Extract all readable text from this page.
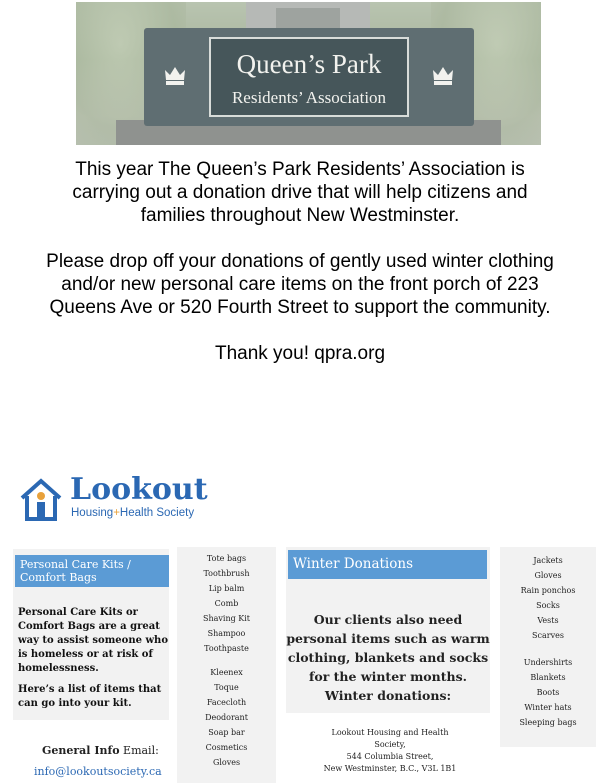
Queen’s Park
Residents’ Association

This year The Queen’s Park Residents’ Association is carrying out a donation drive that will help citizens and families throughout New Westminster.

Please drop off your donations of gently used winter clothing and/or new personal care items on the front porch of 223 Queens Ave or 520 Fourth Street to support the community.

Thank you! qpra.org

Lookout
Housing+Health Society
Personal Care Kits / Comfort Bags

Personal Care Kits or Comfort Bags are a great way to assist someone who is homeless or at risk of homelessness.

Here’s a list of items that can go into your kit.

Tote bags
Toothbrush
Lip balm
Comb
Shaving Kit
Shampoo
Toothpaste
Kleenex
Toque
Facecloth
Deodorant
Soap bar
Cosmetics
Gloves
Winter Donations
Our clients also need personal items such as warm clothing, blankets and socks for the winter months. Winter donations:
Lookout Housing and Health
Society,
544 Columbia Street,
New Westminster, B.C., V3L 1B1
Jackets
Gloves
Rain ponchos
Socks
Vests
Scarves
Undershirts
Blankets
Boots
Winter hats
Sleeping bags
General Info Email:
info@lookoutsociety.ca
